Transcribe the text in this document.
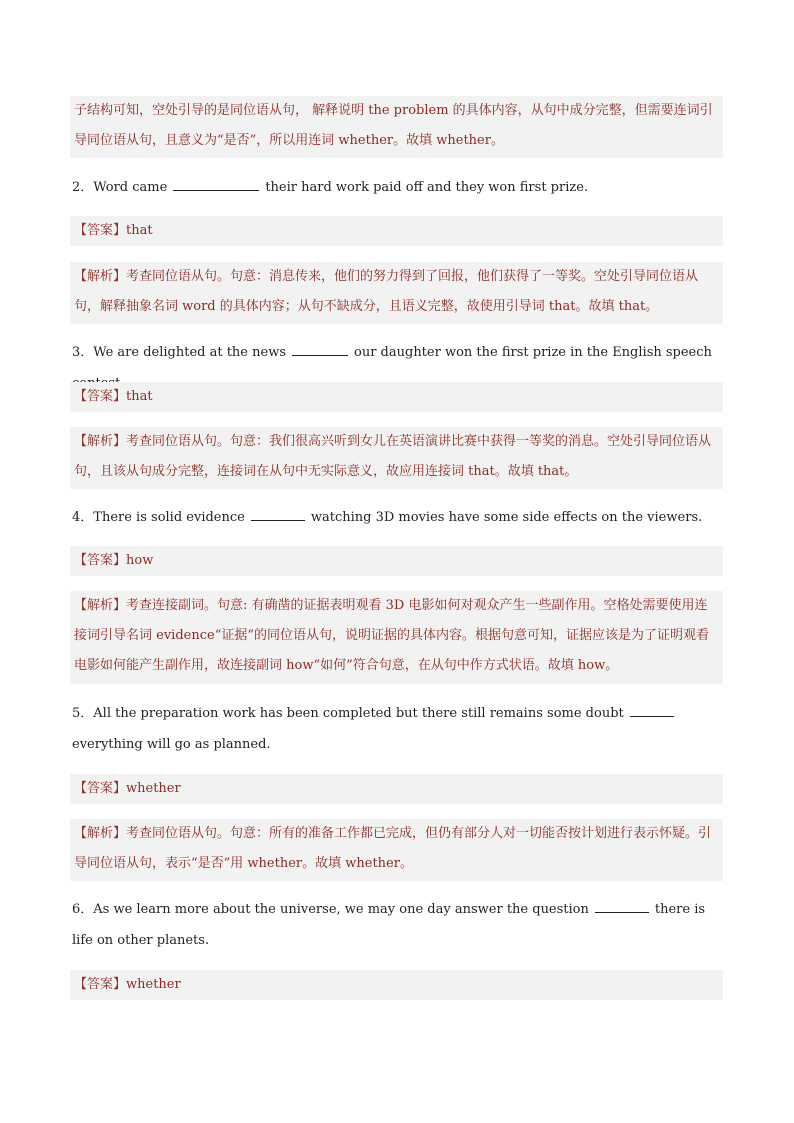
子结构可知，空处引导的是同位语从句， 解释说明 the problem 的具体内容，从句中成分完整，但需要连词引导同位语从句，且意义为“是否”，所以用连词 whether。故填 whether。
2．Word came	their hard work paid off and they won first prize.
【答案】that
【解析】考查同位语从句。句意：消息传来，他们的努力得到了回报，他们获得了一等奖。空处引导同位语从句，解释抽象名词 word 的具体内容；从句不缺成分，且语义完整，故使用引导词 that。故填 that。
3．We are delighted at the news	our daughter won the first prize in the English speech
【答案】that
【解析】考查同位语从句。句意：我们很高兴听到女儿在英语演讲比赛中获得一等奖的消息。空处引导同位语从句，且该从句成分完整，连接词在从句中无实际意义，故应用连接词 that。故填 that。
4．There is solid evidence	watching 3D movies have some side effects on the viewers.
【答案】how
【解析】考查连接副词。句意: 有确凿的证据表明观看 3D 电影如何对观众产生一些副作用。空格处需要使用连接词引导名词 evidence“证据”的同位语从句，说明证据的具体内容。根据句意可知，证据应该是为了证明观看电影如何能产生副作用，故连接副词 how“如何”符合句意，在从句中作方式状语。故填 how。
5．All the preparation work has been completed but there still remains some doubteverything will go as planned.
【答案】whether
【解析】考查同位语从句。句意：所有的准备工作都已完成，但仍有部分人对一切能否按计划进行表示怀疑。引导同位语从句，表示“是否”用 whether。故填 whether。
6．As we learn more about the universe, we may one day answer the question	there is life on other planets.
【答案】whether
